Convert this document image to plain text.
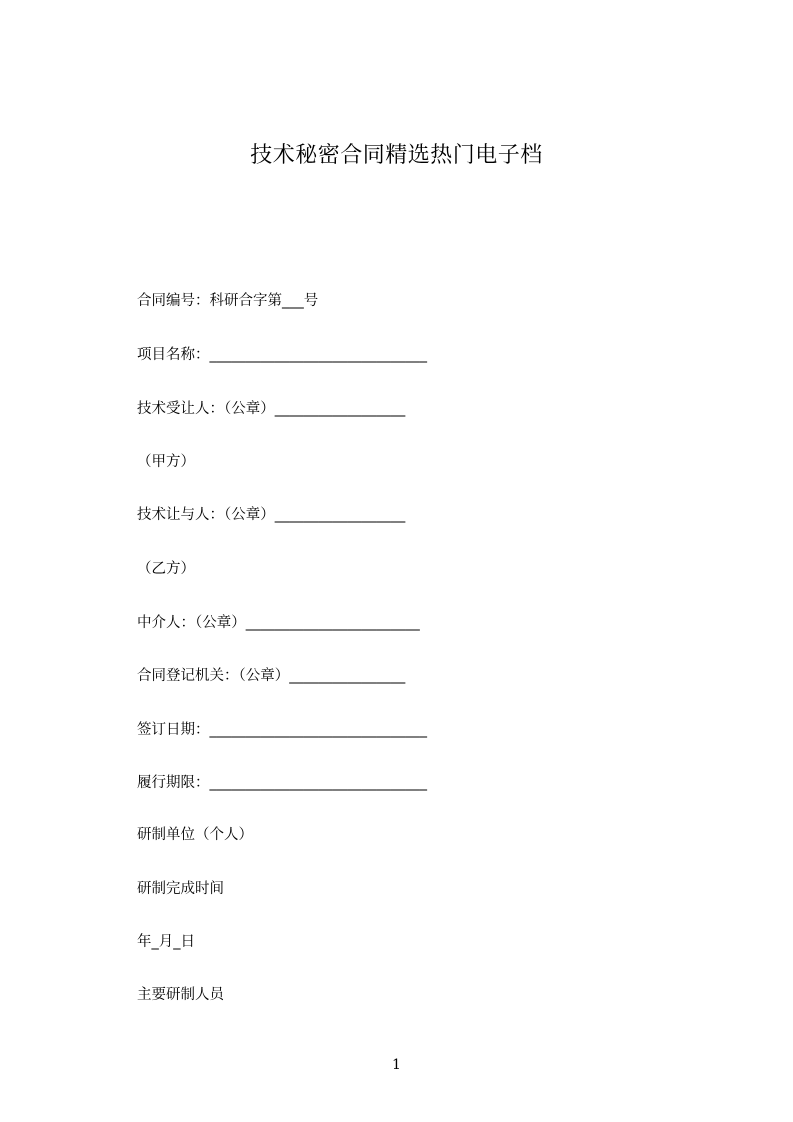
技术秘密合同精选热门电子档
合同编号：科研合字第___号
项目名称：______________________________
技术受让人：（公章）__________________
（甲方）
技术让与人：（公章）__________________
（乙方）
中介人：（公章）________________________
合同登记机关：（公章）________________
签订日期：______________________________
履行期限：______________________________
研制单位（个人）
研制完成时间
年_月_日
主要研制人员
1
